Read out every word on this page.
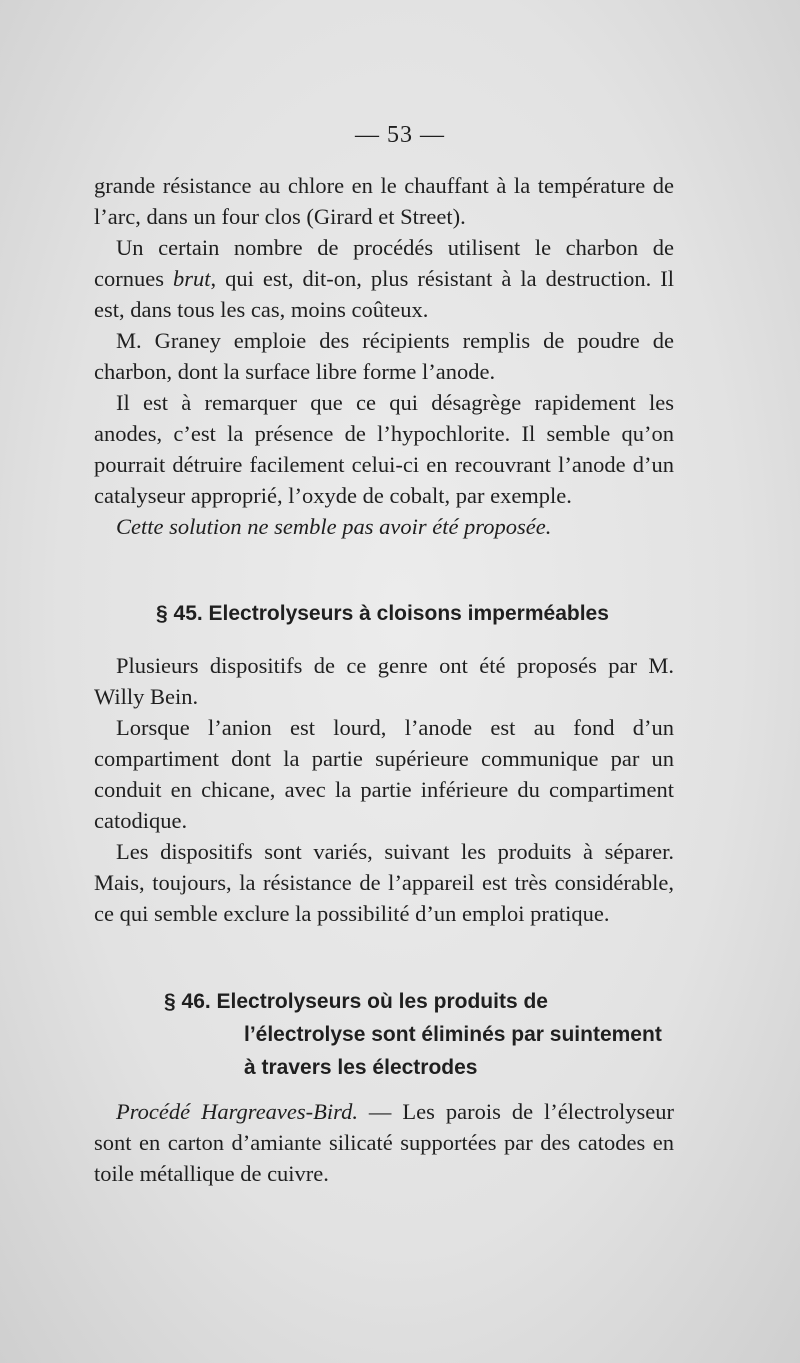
— 53 —

grande résistance au chlore en le chauffant à la température de l’arc, dans un four clos (Girard et Street).

Un certain nombre de procédés utilisent le charbon de cornues brut, qui est, dit-on, plus résistant à la destruction. Il est, dans tous les cas, moins coûteux.

M. Graney emploie des récipients remplis de poudre de charbon, dont la surface libre forme l’anode.

Il est à remarquer que ce qui désagrège rapidement les anodes, c’est la présence de l’hypochlorite. Il semble qu’on pourrait détruire facilement celui-ci en recouvrant l’anode d’un catalyseur approprié, l’oxyde de cobalt, par exemple.

Cette solution ne semble pas avoir été proposée.

§ 45. Electrolyseurs à cloisons imperméables

Plusieurs dispositifs de ce genre ont été proposés par M. Willy Bein.

Lorsque l’anion est lourd, l’anode est au fond d’un compartiment dont la partie supérieure communique par un conduit en chicane, avec la partie inférieure du compartiment catodique.

Les dispositifs sont variés, suivant les produits à séparer. Mais, toujours, la résistance de l’appareil est très considérable, ce qui semble exclure la possibilité d’un emploi pratique.

§ 46. Electrolyseurs où les produits de l’électrolyse sont éliminés par suintement à travers les électrodes

Procédé Hargreaves-Bird. — Les parois de l’électrolyseur sont en carton d’amiante silicaté supportées par des catodes en toile métallique de cuivre.
